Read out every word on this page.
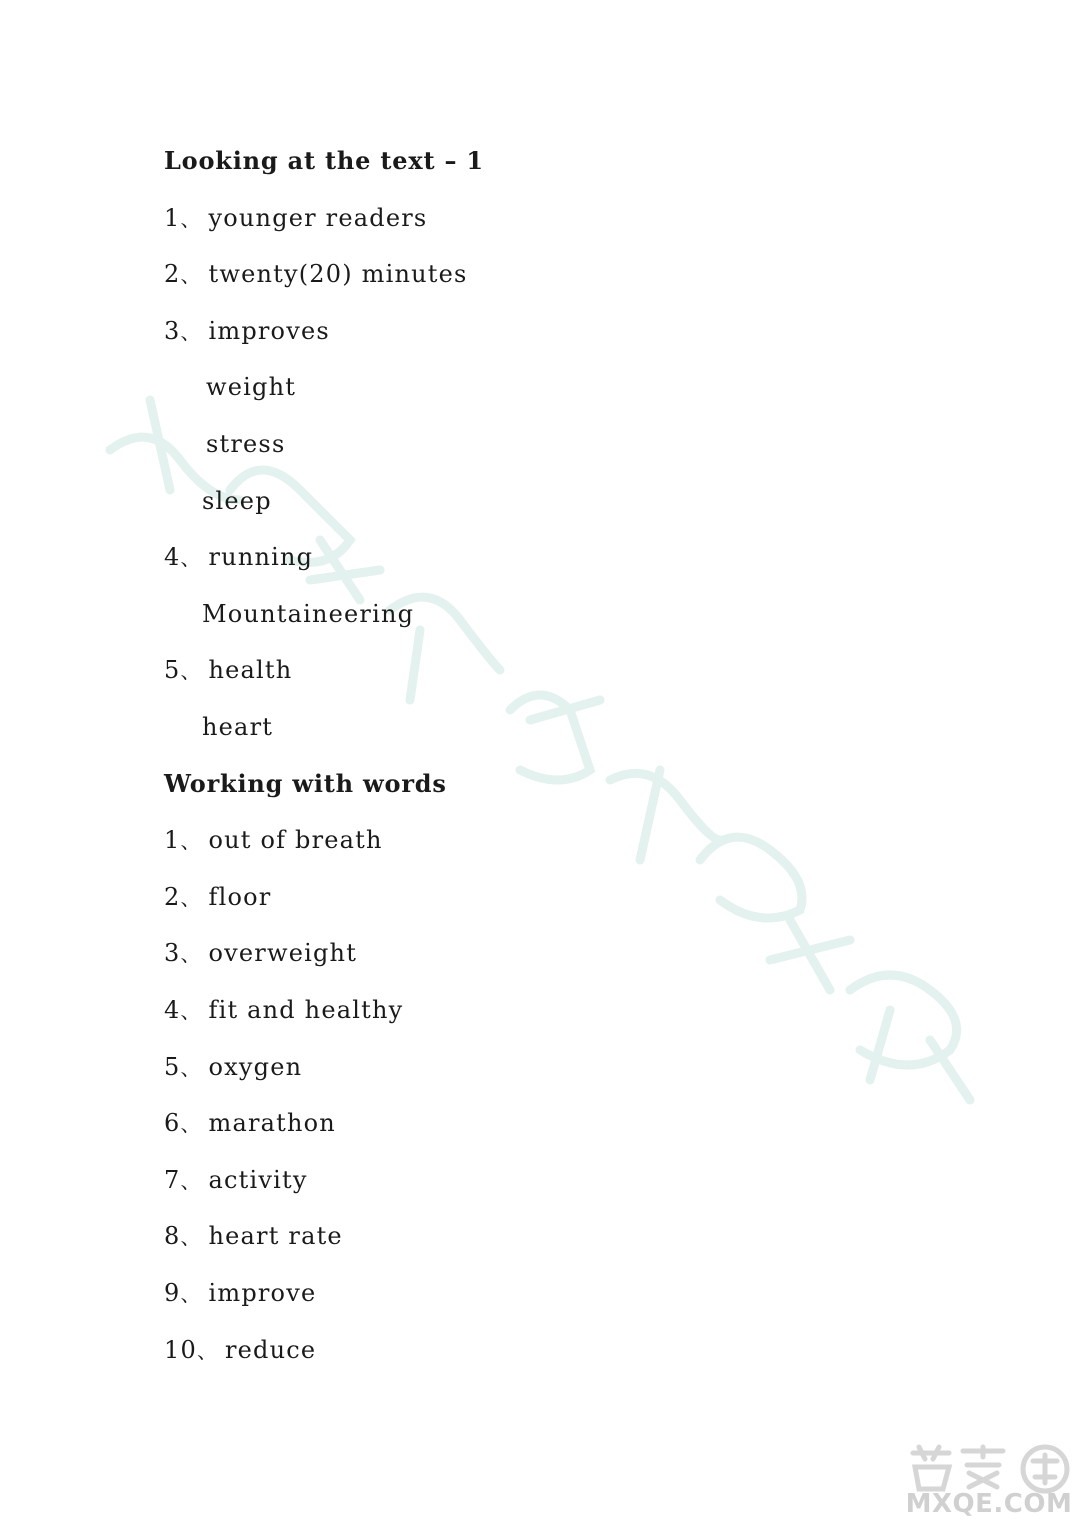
Looking at the text – 1
1、 younger readers
2、 twenty(20) minutes
3、 improves
weight
stress
sleep
4、 running
Mountaineering
5、 health
heart
Working with words
1、 out of breath
2、 floor
3、 overweight
4、 fit and healthy
5、 oxygen
6、 marathon
7、 activity
8、 heart rate
9、 improve
10、 reduce
MXQE.COM
